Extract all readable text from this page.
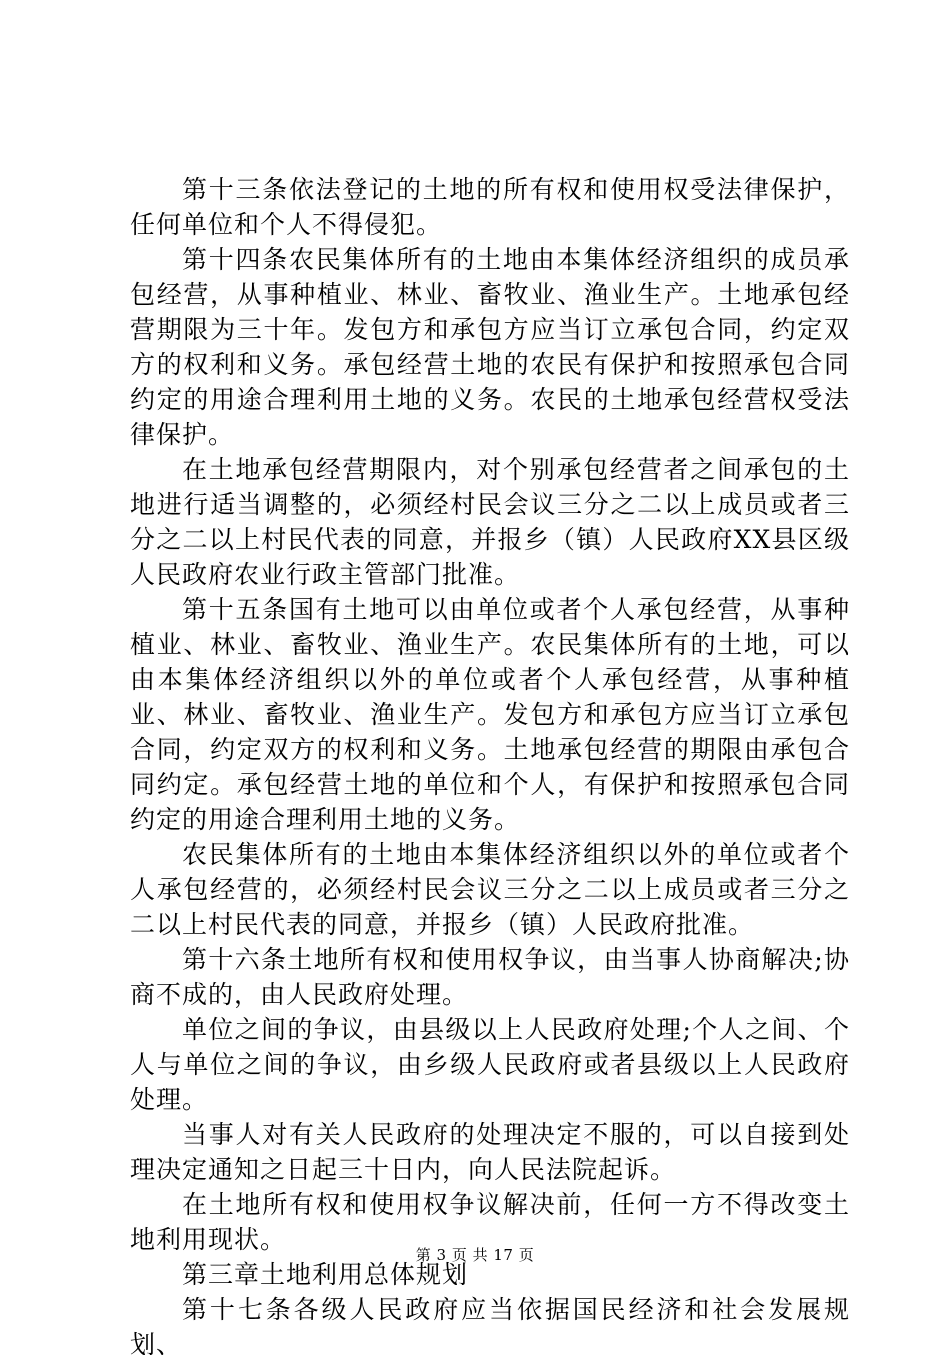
第十三条依法登记的土地的所有权和使用权受法律保护，任何单位和个人不得侵犯。

第十四条农民集体所有的土地由本集体经济组织的成员承包经营，从事种植业、林业、畜牧业、渔业生产。土地承包经营期限为三十年。发包方和承包方应当订立承包合同，约定双方的权利和义务。承包经营土地的农民有保护和按照承包合同约定的用途合理利用土地的义务。农民的土地承包经营权受法律保护。

在土地承包经营期限内，对个别承包经营者之间承包的土地进行适当调整的，必须经村民会议三分之二以上成员或者三分之二以上村民代表的同意，并报乡（镇）人民政府XX县区级人民政府农业行政主管部门批准。

第十五条国有土地可以由单位或者个人承包经营，从事种植业、林业、畜牧业、渔业生产。农民集体所有的土地，可以由本集体经济组织以外的单位或者个人承包经营，从事种植业、林业、畜牧业、渔业生产。发包方和承包方应当订立承包合同，约定双方的权利和义务。土地承包经营的期限由承包合同约定。承包经营土地的单位和个人，有保护和按照承包合同约定的用途合理利用土地的义务。

农民集体所有的土地由本集体经济组织以外的单位或者个人承包经营的，必须经村民会议三分之二以上成员或者三分之二以上村民代表的同意，并报乡（镇）人民政府批准。

第十六条土地所有权和使用权争议，由当事人协商解决;协商不成的，由人民政府处理。

单位之间的争议，由县级以上人民政府处理;个人之间、个人与单位之间的争议，由乡级人民政府或者县级以上人民政府处理。

当事人对有关人民政府的处理决定不服的，可以自接到处理决定通知之日起三十日内，向人民法院起诉。

在土地所有权和使用权争议解决前，任何一方不得改变土地利用现状。

第三章土地利用总体规划

第十七条各级人民政府应当依据国民经济和社会发展规划、

第 3 页 共 17 页
